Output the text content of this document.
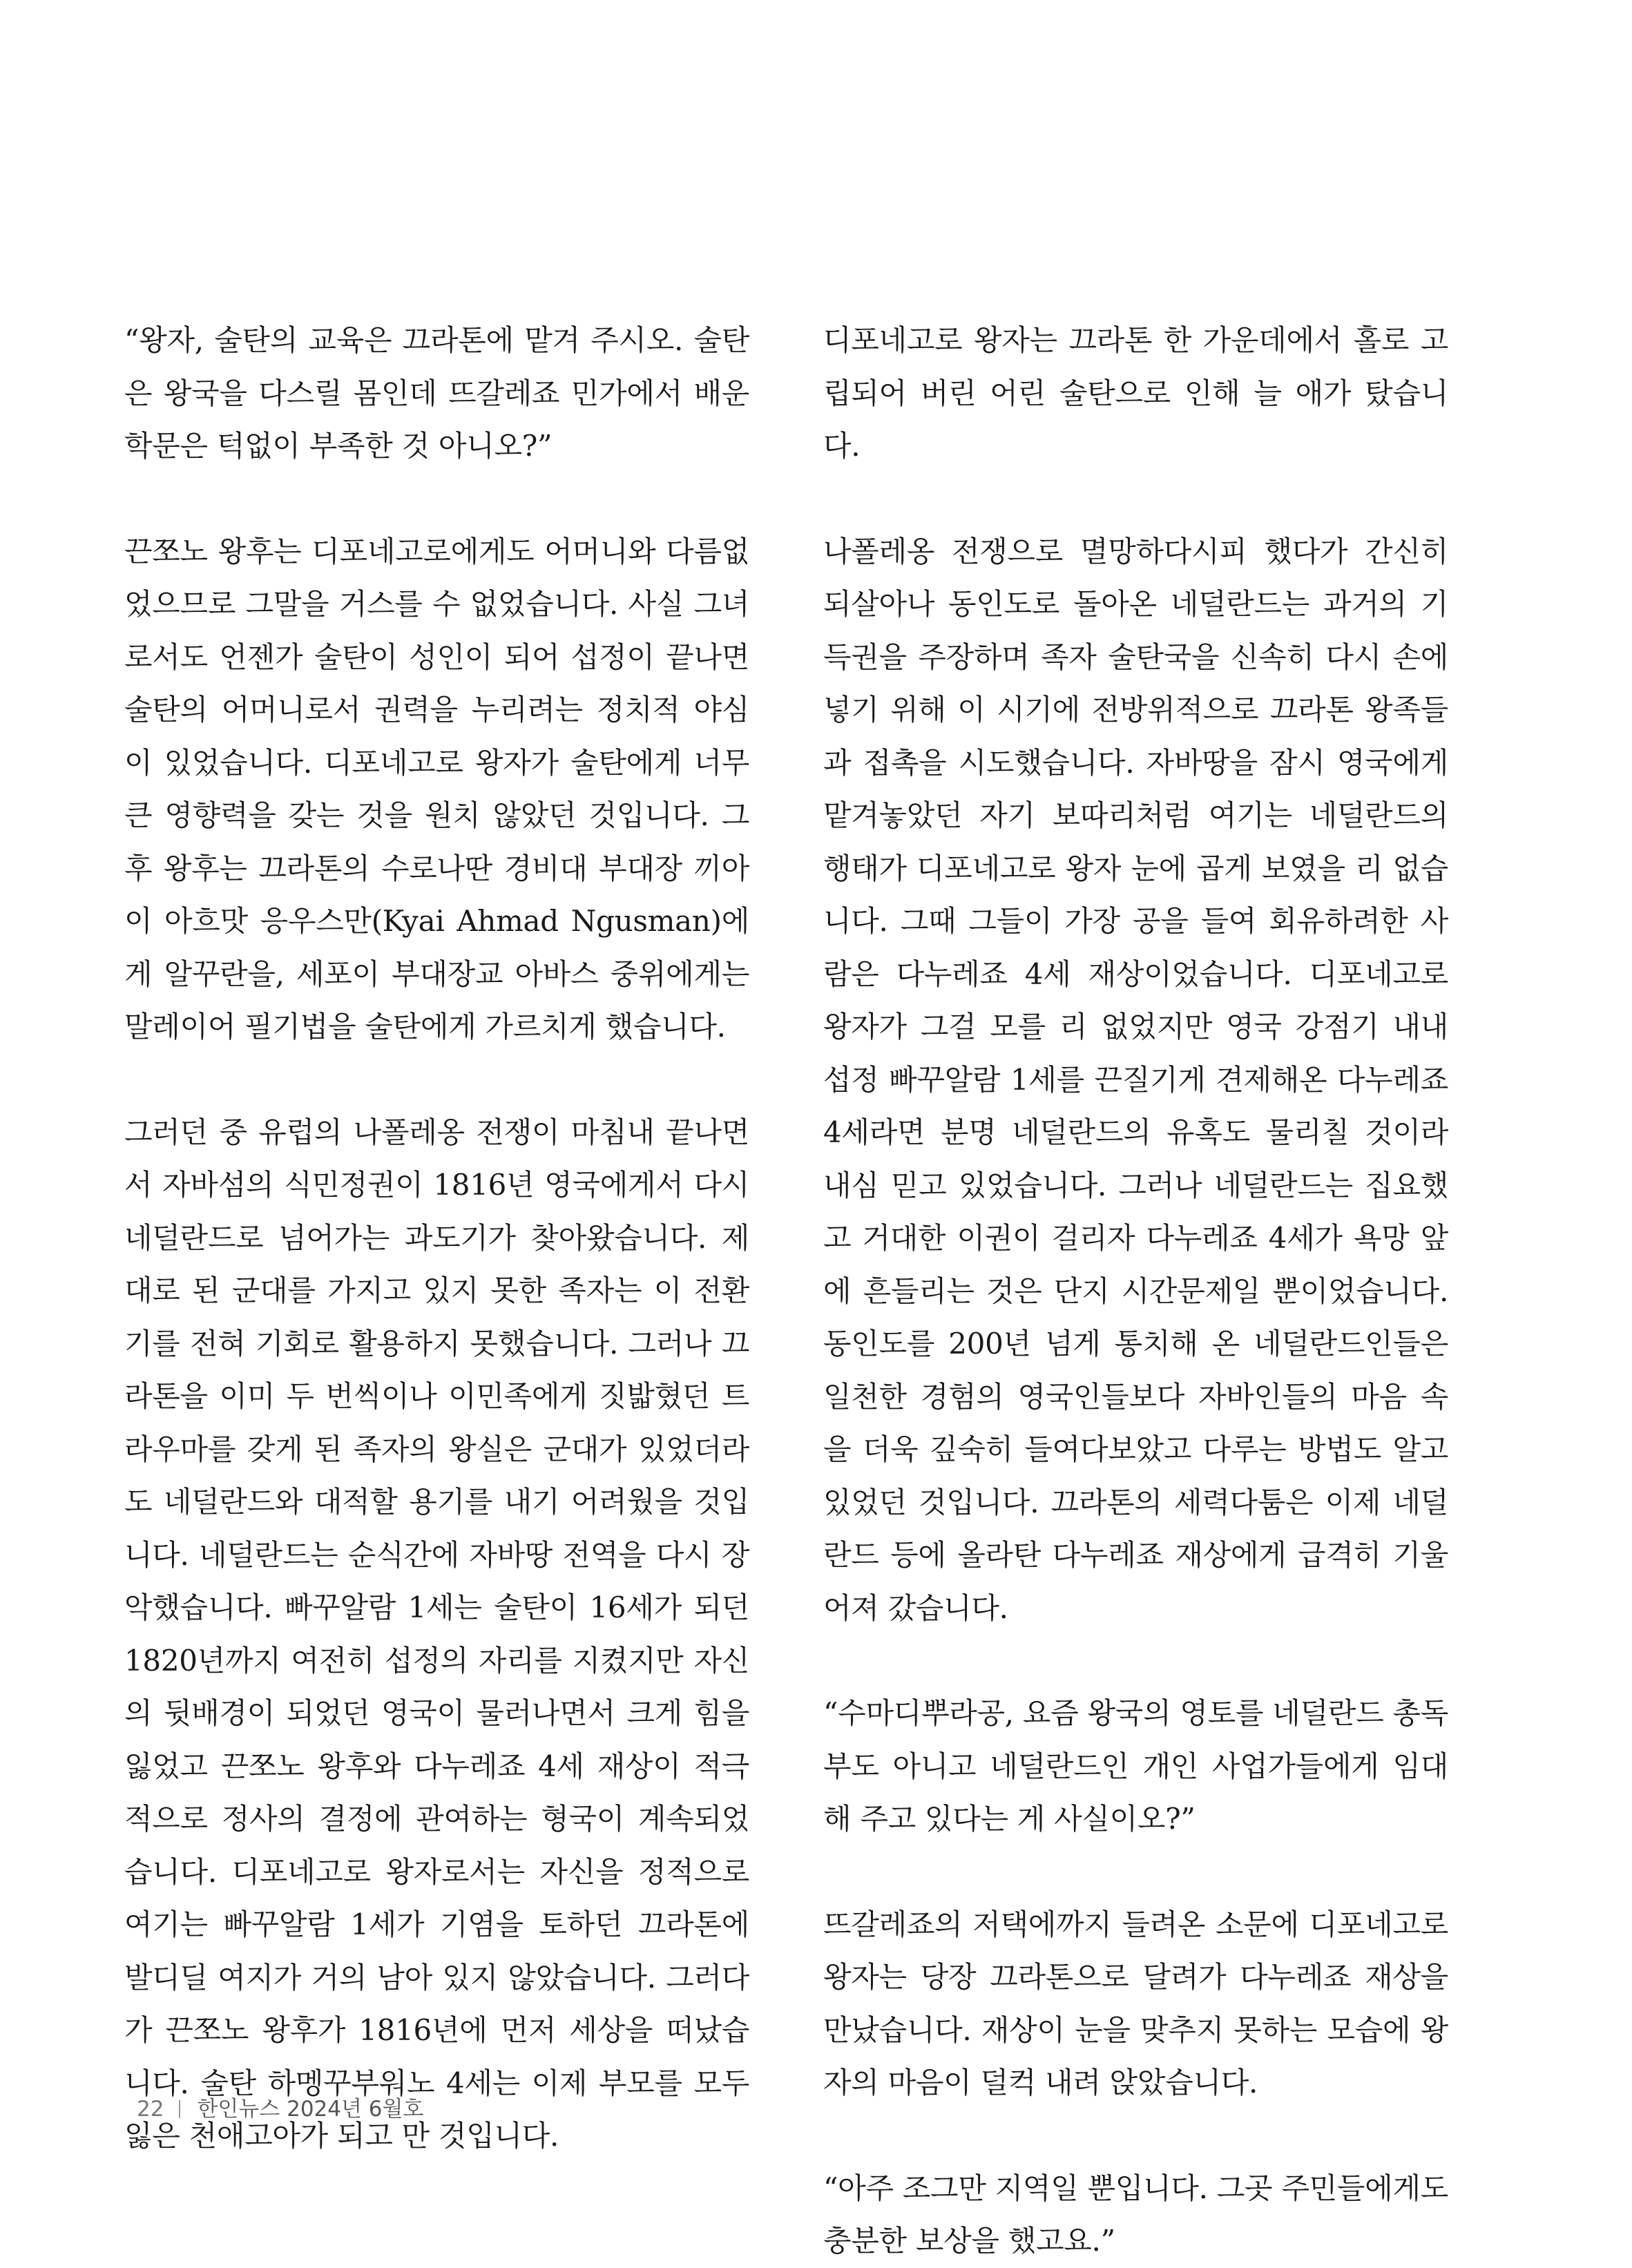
“왕자, 술탄의 교육은 끄라톤에 맡겨 주시오. 술탄은 왕국을 다스릴 몸인데 뜨갈레죠 민가에서 배운 학문은 턱없이 부족한 것 아니오?”

끈쪼노 왕후는 디포네고로에게도 어머니와 다름없었으므로 그말을 거스를 수 없었습니다. 사실 그녀로서도 언젠가 술탄이 성인이 되어 섭정이 끝나면 술탄의 어머니로서 권력을 누리려는 정치적 야심이 있었습니다. 디포네고로 왕자가 술탄에게 너무 큰 영향력을 갖는 것을 원치 않았던 것입니다. 그후 왕후는 끄라톤의 수로나딴 경비대 부대장 끼아이 아흐맛 응우스만(Kyai Ahmad Ngusman)에게 알꾸란을, 세포이 부대장교 아바스 중위에게는 말레이어 필기법을 술탄에게 가르치게 했습니다.

그러던 중 유럽의 나폴레옹 전쟁이 마침내 끝나면서 자바섬의 식민정권이 1816년 영국에게서 다시 네덜란드로 넘어가는 과도기가 찾아왔습니다. 제대로 된 군대를 가지고 있지 못한 족자는 이 전환기를 전혀 기회로 활용하지 못했습니다. 그러나 끄라톤을 이미 두 번씩이나 이민족에게 짓밟혔던 트라우마를 갖게 된 족자의 왕실은 군대가 있었더라도 네덜란드와 대적할 용기를 내기 어려웠을 것입니다. 네덜란드는 순식간에 자바땅 전역을 다시 장악했습니다. 빠꾸알람 1세는 술탄이 16세가 되던 1820년까지 여전히 섭정의 자리를 지켰지만 자신의 뒷배경이 되었던 영국이 물러나면서 크게 힘을 잃었고 끈쪼노 왕후와 다누레죠 4세 재상이 적극적으로 정사의 결정에 관여하는 형국이 계속되었습니다. 디포네고로 왕자로서는 자신을 정적으로 여기는 빠꾸알람 1세가 기염을 토하던 끄라톤에 발디딜 여지가 거의 남아 있지 않았습니다. 그러다가 끈쪼노 왕후가 1816년에 먼저 세상을 떠났습니다. 술탄 하멩꾸부워노 4세는 이제 부모를 모두 잃은 천애고아가 되고 만 것입니다.

디포네고로 왕자는 끄라톤 한 가운데에서 홀로 고립되어 버린 어린 술탄으로 인해 늘 애가 탔습니다.

나폴레옹 전쟁으로 멸망하다시피 했다가 간신히 되살아나 동인도로 돌아온 네덜란드는 과거의 기득권을 주장하며 족자 술탄국을 신속히 다시 손에 넣기 위해 이 시기에 전방위적으로 끄라톤 왕족들과 접촉을 시도했습니다. 자바땅을 잠시 영국에게 맡겨놓았던 자기 보따리처럼 여기는 네덜란드의 행태가 디포네고로 왕자 눈에 곱게 보였을 리 없습니다. 그때 그들이 가장 공을 들여 회유하려한 사람은 다누레죠 4세 재상이었습니다. 디포네고로 왕자가 그걸 모를 리 없었지만 영국 강점기 내내 섭정 빠꾸알람 1세를 끈질기게 견제해온 다누레죠 4세라면 분명 네덜란드의 유혹도 물리칠 것이라 내심 믿고 있었습니다. 그러나 네덜란드는 집요했고 거대한 이권이 걸리자 다누레죠 4세가 욕망 앞에 흔들리는 것은 단지 시간문제일 뿐이었습니다. 동인도를 200년 넘게 통치해 온 네덜란드인들은 일천한 경험의 영국인들보다 자바인들의 마음 속을 더욱 깊숙히 들여다보았고 다루는 방법도 알고 있었던 것입니다. 끄라톤의 세력다툼은 이제 네덜란드 등에 올라탄 다누레죠 재상에게 급격히 기울어져 갔습니다.

“수마디뿌라공, 요즘 왕국의 영토를 네덜란드 총독부도 아니고 네덜란드인 개인 사업가들에게 임대해 주고 있다는 게 사실이오?”

뜨갈레죠의 저택에까지 들려온 소문에 디포네고로 왕자는 당장 끄라톤으로 달려가 다누레죠 재상을 만났습니다. 재상이 눈을 맞추지 못하는 모습에 왕자의 마음이 덜컥 내려 앉았습니다.

“아주 조그만 지역일 뿐입니다. 그곳 주민들에게도 충분한 보상을 했고요.”

22 한인뉴스 2024년 6월호
